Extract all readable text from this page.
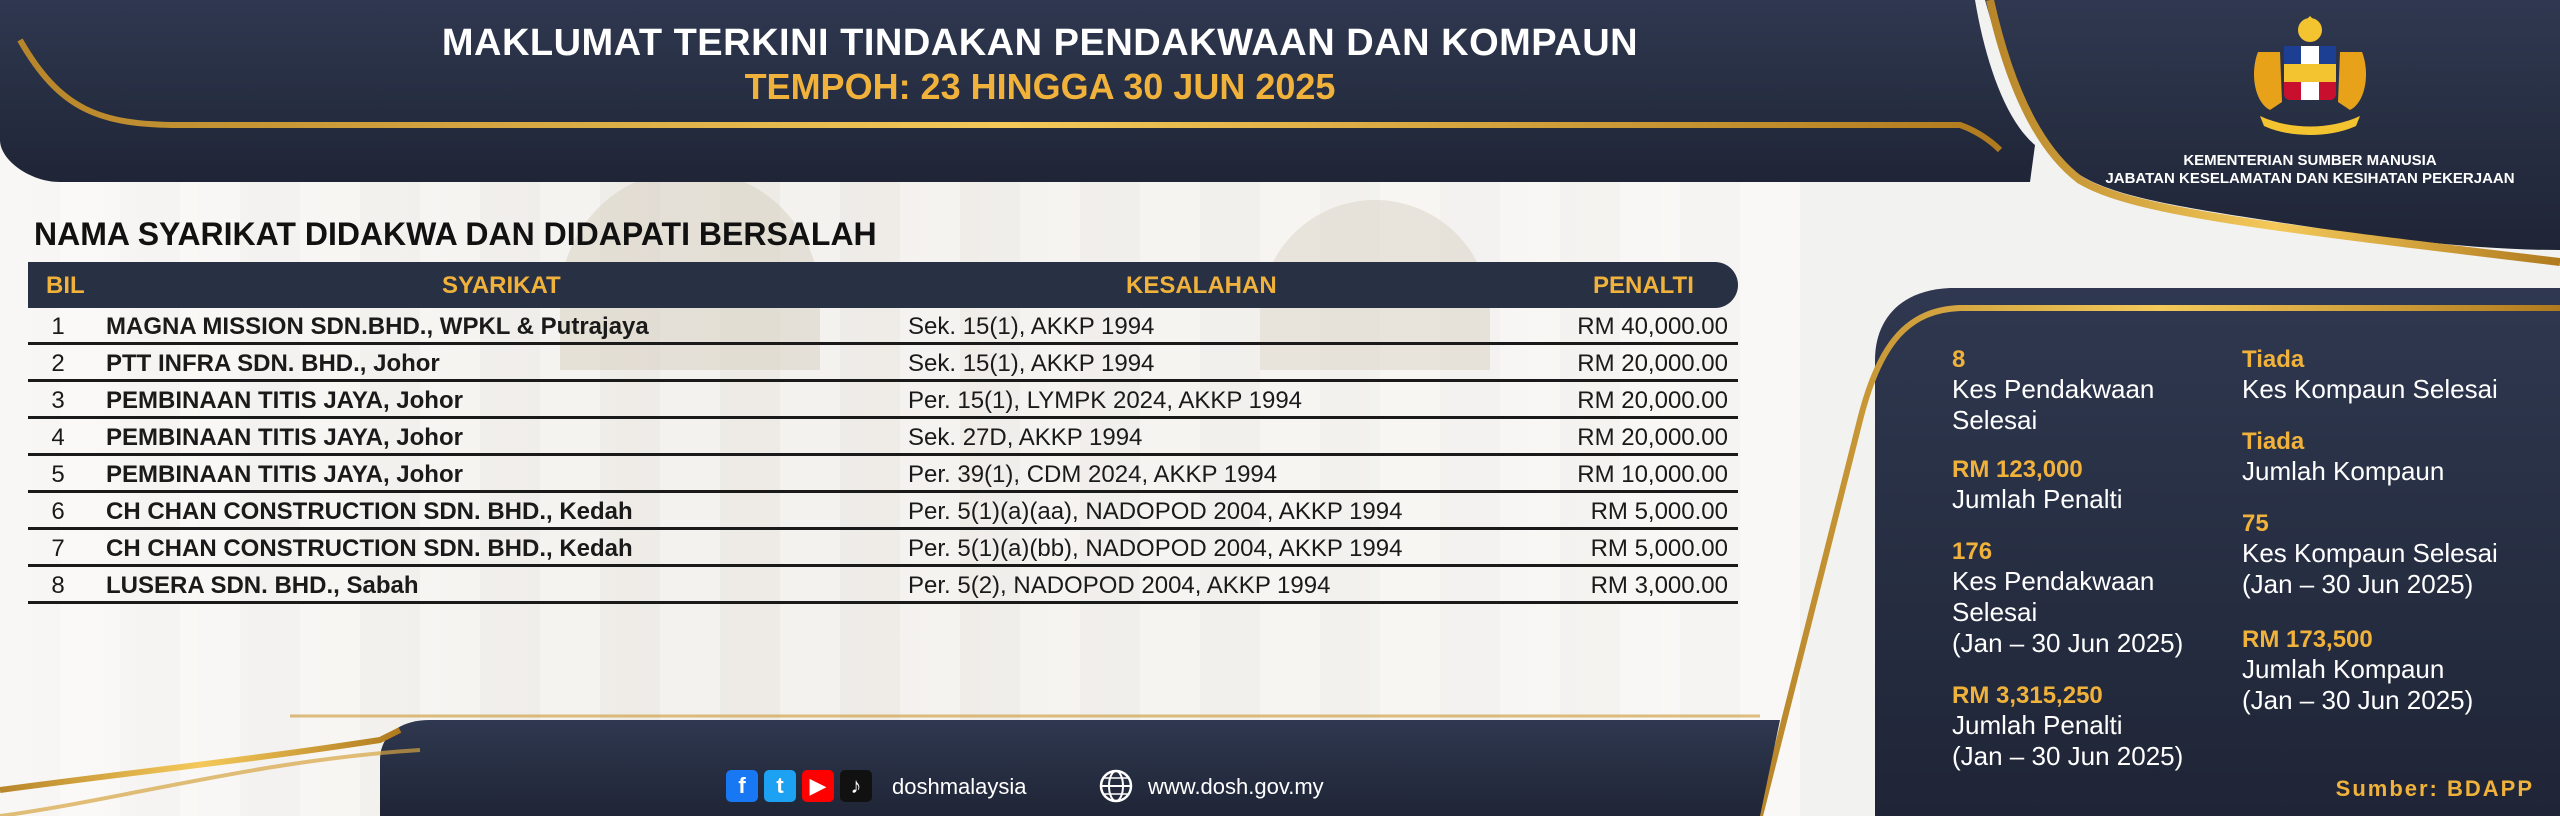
MAKLUMAT TERKINI TINDAKAN PENDAKWAAN DAN KOMPAUN
TEMPOH: 23 HINGGA 30 JUN 2025
KEMENTERIAN SUMBER MANUSIA
JABATAN KESELAMATAN DAN KESIHATAN PEKERJAAN
NAMA SYARIKAT DIDAKWA DAN DIDAPATI BERSALAH
BIL	SYARIKAT	KESALAHAN	PENALTI
1	MAGNA MISSION SDN.BHD., WPKL & Putrajaya	Sek. 15(1), AKKP 1994	RM 40,000.00
2	PTT INFRA SDN. BHD., Johor	Sek. 15(1), AKKP 1994	RM 20,000.00
3	PEMBINAAN TITIS JAYA, Johor	Per. 15(1), LYMPK 2024, AKKP 1994	RM 20,000.00
4	PEMBINAAN TITIS JAYA, Johor	Sek. 27D, AKKP 1994	RM 20,000.00
5	PEMBINAAN TITIS JAYA, Johor	Per. 39(1), CDM 2024, AKKP 1994	RM 10,000.00
6	CH CHAN CONSTRUCTION SDN. BHD., Kedah	Per. 5(1)(a)(aa), NADOPOD 2004, AKKP 1994	RM 5,000.00
7	CH CHAN CONSTRUCTION SDN. BHD., Kedah	Per. 5(1)(a)(bb), NADOPOD 2004, AKKP 1994	RM 5,000.00
8	LUSERA SDN. BHD., Sabah	Per. 5(2), NADOPOD 2004, AKKP 1994	RM 3,000.00
8
Kes Pendakwaan
Selesai
RM 123,000
Jumlah Penalti
176
Kes Pendakwaan
Selesai
(Jan – 30 Jun 2025)
RM 3,315,250
Jumlah Penalti
(Jan – 30 Jun 2025)
Tiada
Kes Kompaun Selesai
Tiada
Jumlah Kompaun
75
Kes Kompaun Selesai
(Jan – 30 Jun 2025)
RM 173,500
Jumlah Kompaun
(Jan – 30 Jun 2025)
Sumber: BDAPP
f	t	▶	♪	doshmalaysia	www.dosh.gov.my
